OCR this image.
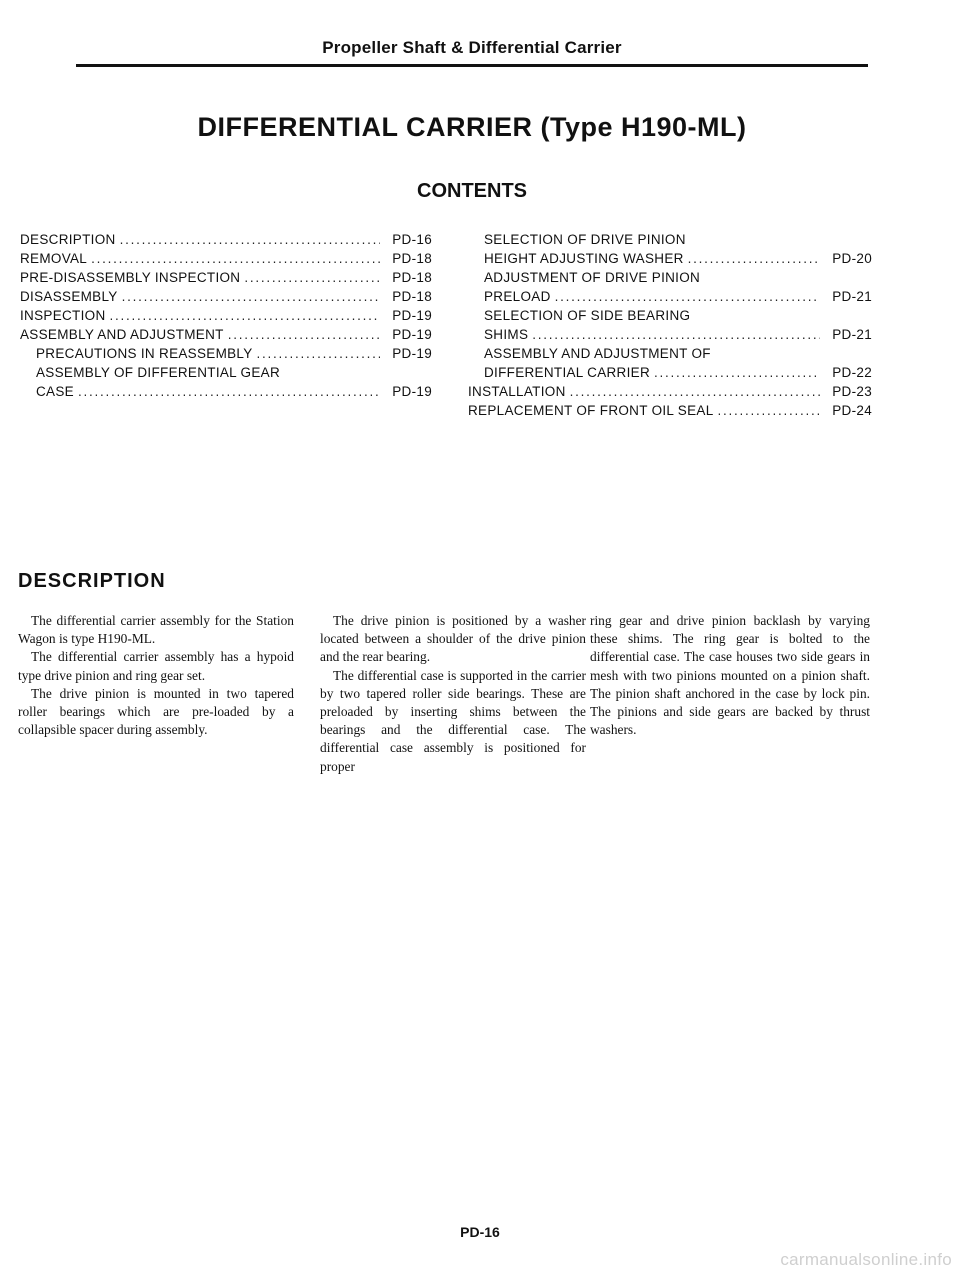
Propeller Shaft & Differential Carrier
DIFFERENTIAL CARRIER (Type H190-ML)
CONTENTS
DESCRIPTION . . .	PD-16
REMOVAL . . .	PD-18
PRE-DISASSEMBLY INSPECTION . . .	PD-18
DISASSEMBLY . . .	PD-18
INSPECTION . . .	PD-19
ASSEMBLY AND ADJUSTMENT . . .	PD-19
PRECAUTIONS IN REASSEMBLY . . .	PD-19
ASSEMBLY OF DIFFERENTIAL GEAR
CASE . . .	PD-19
SELECTION OF DRIVE PINION
HEIGHT ADJUSTING WASHER . . .	PD-20
ADJUSTMENT OF DRIVE PINION
PRELOAD . . .	PD-21
SELECTION OF SIDE BEARING
SHIMS . . .	PD-21
ASSEMBLY AND ADJUSTMENT OF
DIFFERENTIAL CARRIER . . .	PD-22
INSTALLATION . . .	PD-23
REPLACEMENT OF FRONT OIL SEAL . . .	PD-24
DESCRIPTION

The differential carrier assembly for the Station Wagon is type H190-ML.

The differential carrier assembly has a hypoid type drive pinion and ring gear set.

The drive pinion is mounted in two tapered roller bearings which are pre-loaded by a collapsible spacer during assembly.

The drive pinion is positioned by a washer located between a shoulder of the drive pinion and the rear bearing.

The differential case is supported in the carrier by two tapered roller side bearings. These are preloaded by inserting shims between the bearings and the differential case. The differential case assembly is positioned for proper

ring gear and drive pinion backlash by varying these shims. The ring gear is bolted to the differential case. The case houses two side gears in mesh with two pinions mounted on a pinion shaft. The pinion shaft anchored in the case by lock pin. The pinions and side gears are backed by thrust washers.

PD-16
carmanualsonline.info
